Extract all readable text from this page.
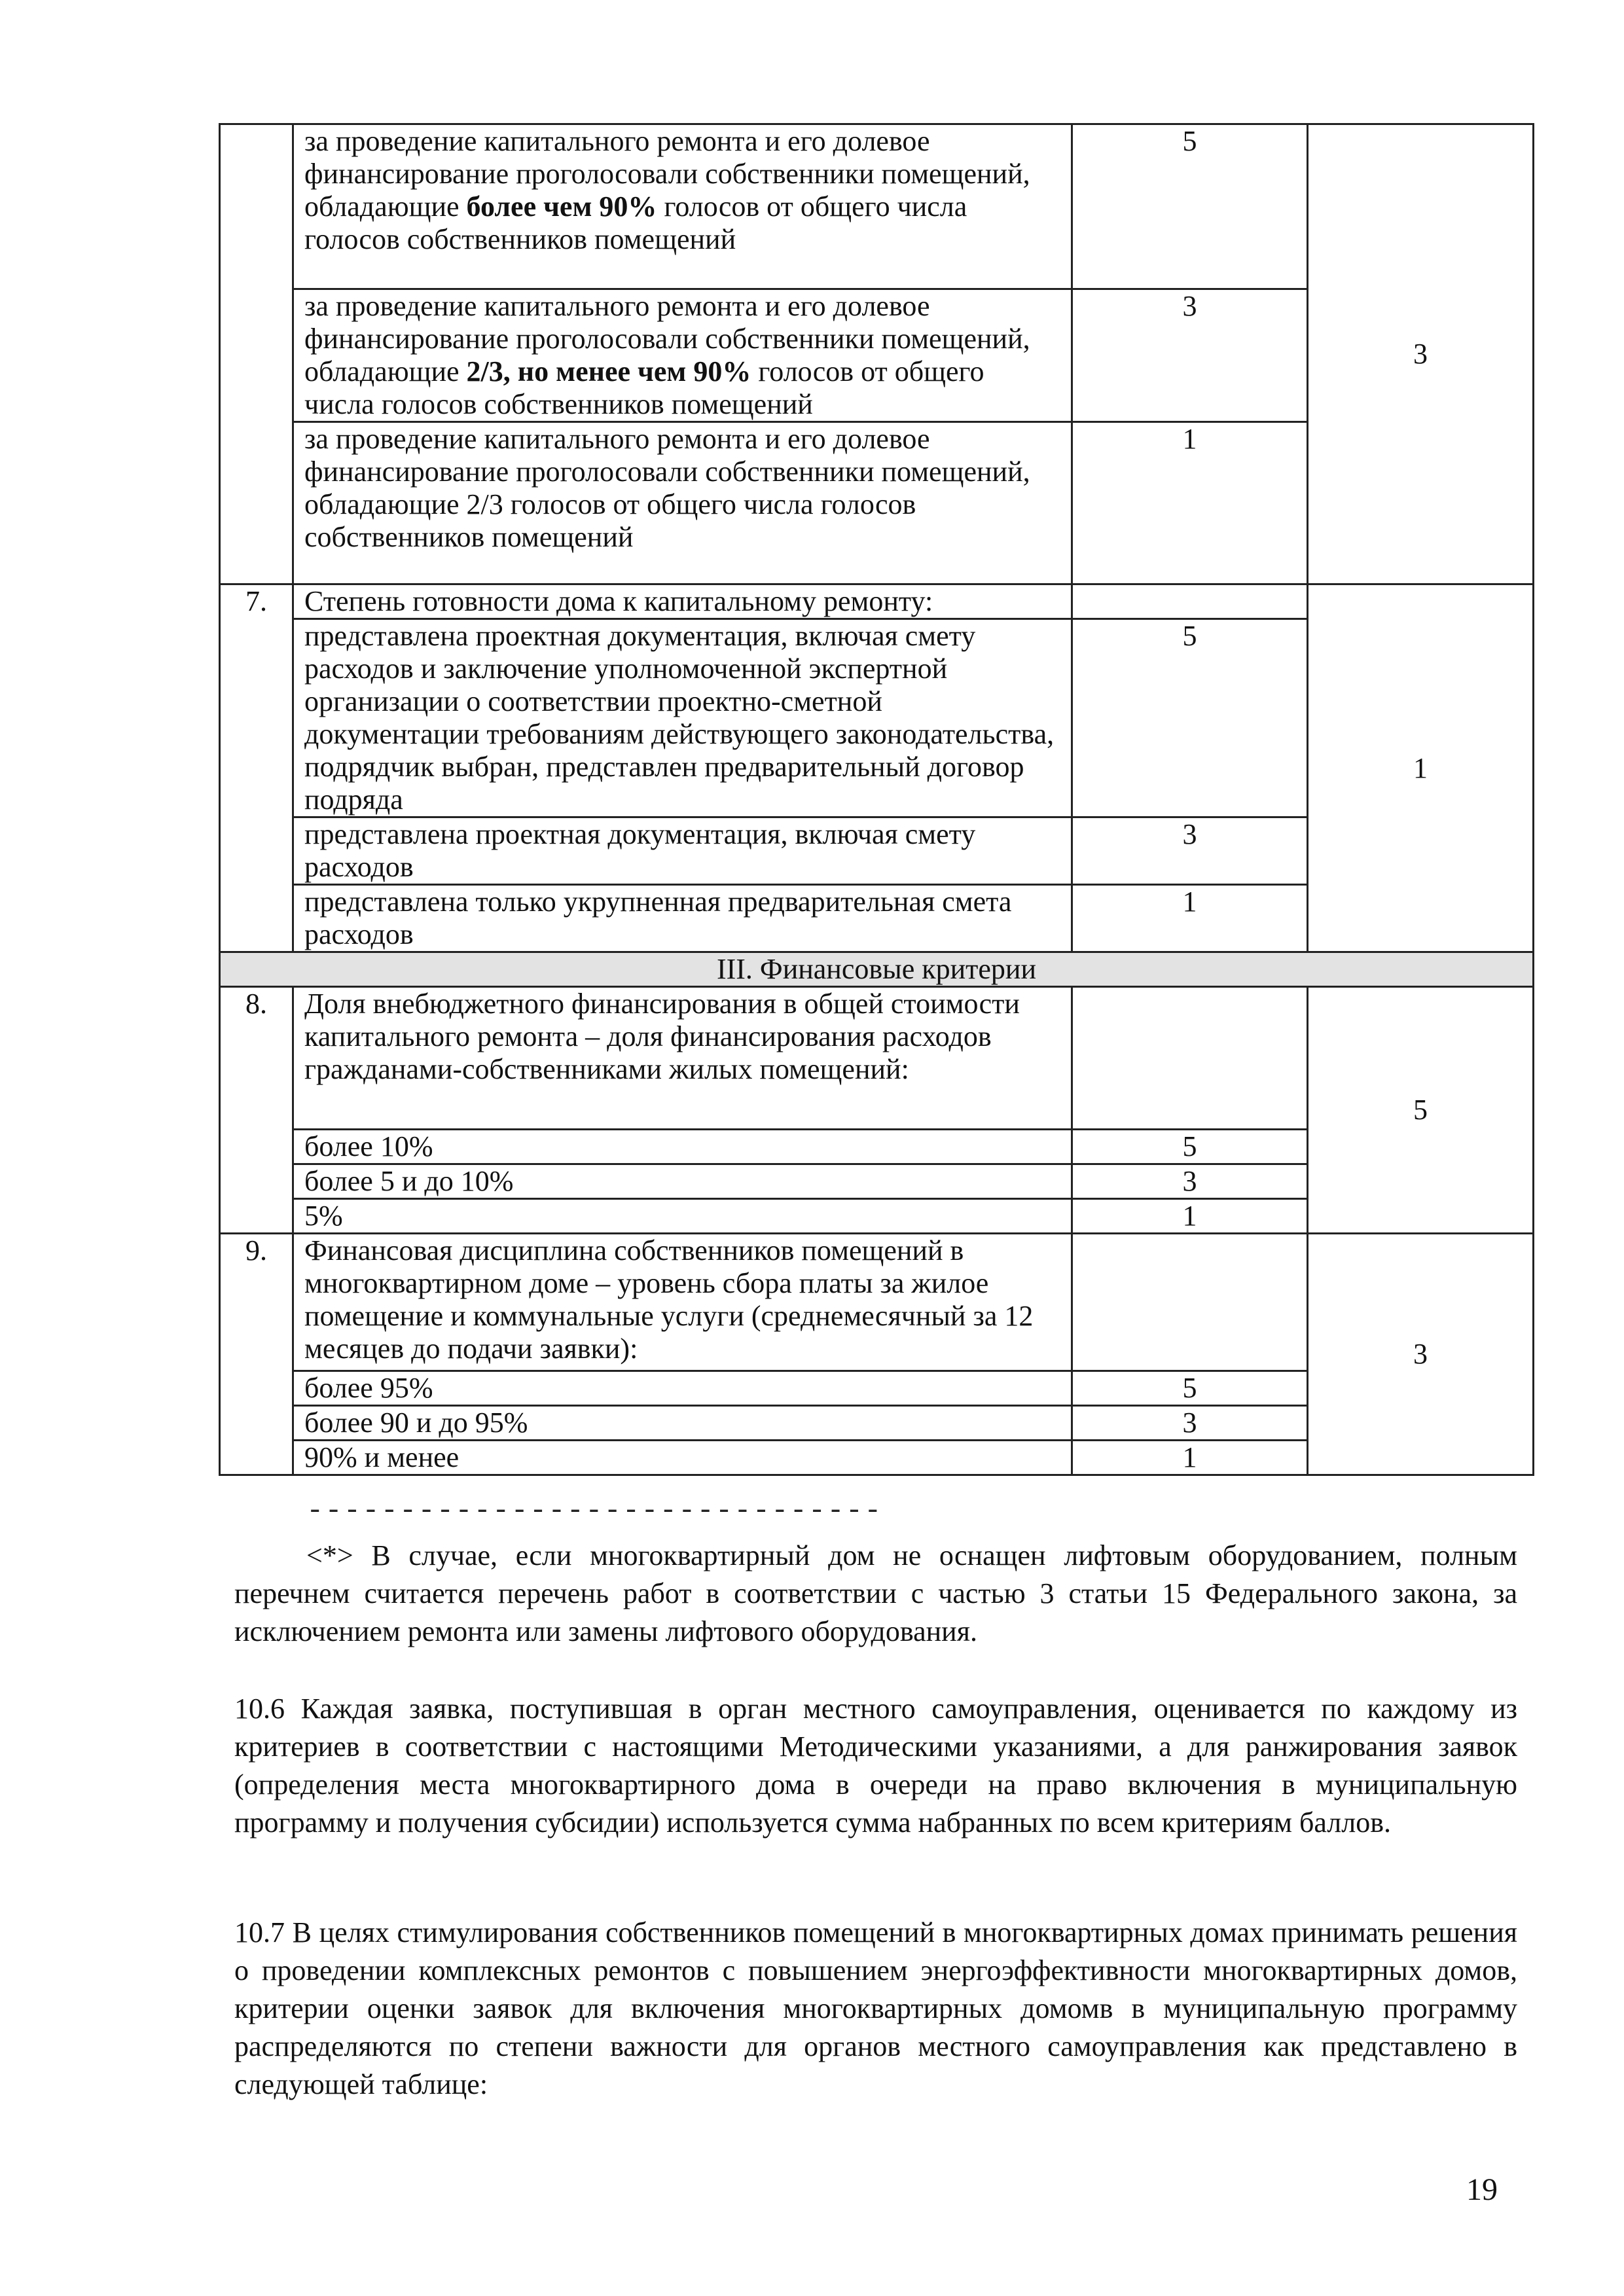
	за проведение капитального ремонта и его долевое финансирование проголосовали собственники помещений, обладающие более чем 90% голосов от общего числа голосов собственников помещений	5	3
	за проведение капитального ремонта и его долевое финансирование проголосовали собственники помещений, обладающие 2/3, но менее чем 90% голосов от общего числа голосов собственников помещений	3	
	за проведение капитального ремонта и его долевое финансирование проголосовали собственники помещений, обладающие 2/3 голосов от общего числа голосов собственников помещений	1	
7.	Степень готовности дома к капитальному ремонту:		1
	представлена проектная документация, включая смету расходов и заключение уполномоченной экспертной организации о соответствии проектно-сметной документации требованиям действующего законодательства, подрядчик выбран, представлен предварительный договор подряда	5	
	представлена проектная документация, включая смету расходов	3	
	представлена только укрупненная предварительная смета расходов	1	
III. Финансовые критерии			
8.	Доля внебюджетного финансирования в общей стоимости капитального ремонта – доля финансирования расходов гражданами-собственниками жилых помещений:		5
	более 10%	5	
	более 5 и до 10%	3	
	5%	1	
9.	Финансовая дисциплина собственников помещений в многоквартирном доме – уровень сбора платы за жилое помещение и коммунальные услуги (среднемесячный за 12 месяцев до подачи заявки):		3
	более 95%	5	
	более 90 и до 95%	3	
	90% и менее	1	
-------------------------------

<*> В случае, если многоквартирный дом не оснащен лифтовым оборудованием, полным перечнем считается перечень работ в соответствии с частью 3 статьи 15 Федерального закона, за исключением ремонта или замены лифтового оборудования.

10.6 Каждая заявка, поступившая в орган местного самоуправления, оценивается по каждому из критериев в соответствии с настоящими Методическими указаниями, а для ранжирования заявок (определения места многоквартирного дома в очереди на право включения в муниципальную программу и получения субсидии) используется сумма набранных по всем критериям баллов.

10.7 В целях стимулирования собственников помещений в многоквартирных домах принимать решения о проведении комплексных ремонтов с повышением энергоэффективности многоквартирных домов, критерии оценки заявок для включения многоквартирных домомв в муниципальную программу распределяются по степени важности для органов местного самоуправления как представлено в следующей таблице:

19
